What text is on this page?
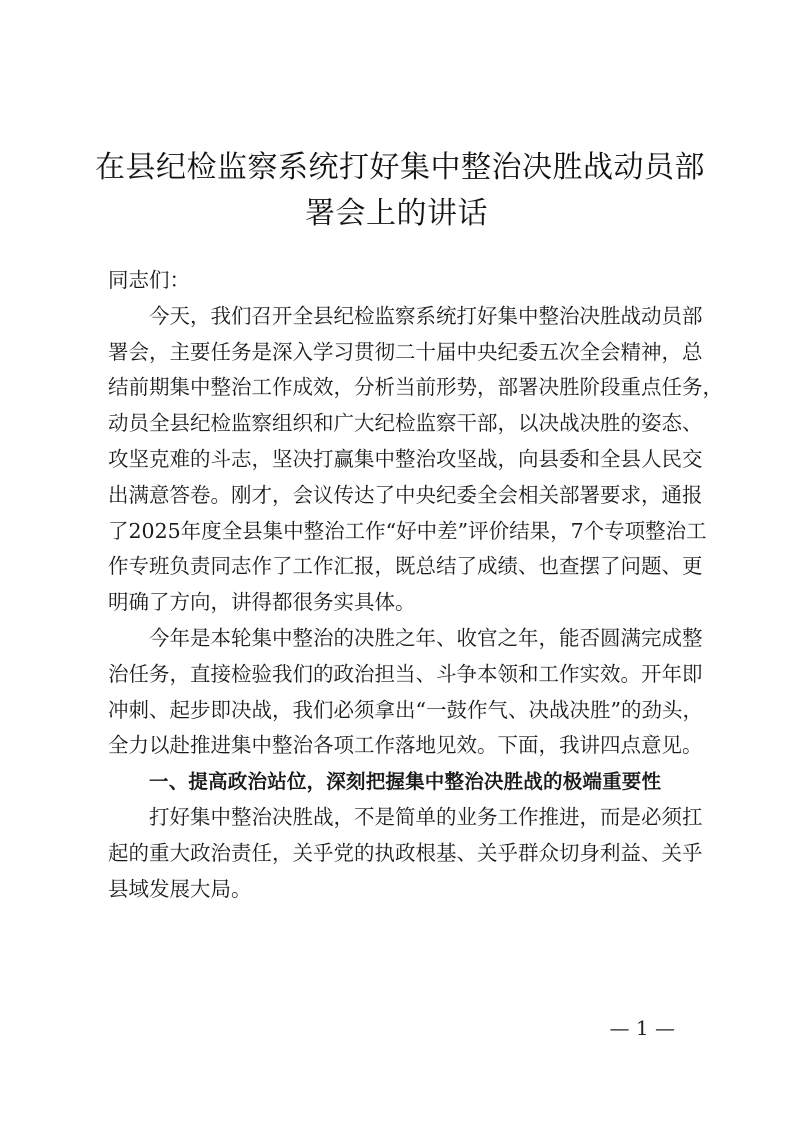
在县纪检监察系统打好集中整治决胜战动员部
署会上的讲话
同志们：
今天，我们召开全县纪检监察系统打好集中整治决胜战动员部
署会，主要任务是深入学习贯彻二十届中央纪委五次全会精神，总
结前期集中整治工作成效，分析当前形势，部署决胜阶段重点任务，
动员全县纪检监察组织和广大纪检监察干部，以决战决胜的姿态、
攻坚克难的斗志，坚决打赢集中整治攻坚战，向县委和全县人民交
出满意答卷。刚才，会议传达了中央纪委全会相关部署要求，通报
了2025年度全县集中整治工作“好中差”评价结果，7个专项整治工
作专班负责同志作了工作汇报，既总结了成绩、也查摆了问题、更
明确了方向，讲得都很务实具体。
今年是本轮集中整治的决胜之年、收官之年，能否圆满完成整
治任务，直接检验我们的政治担当、斗争本领和工作实效。开年即
冲刺、起步即决战，我们必须拿出“一鼓作气、决战决胜”的劲头，
全力以赴推进集中整治各项工作落地见效。下面，我讲四点意见。
一、提高政治站位，深刻把握集中整治决胜战的极端重要性
打好集中整治决胜战，不是简单的业务工作推进，而是必须扛
起的重大政治责任，关乎党的执政根基、关乎群众切身利益、关乎
县域发展大局。
— 1 —
